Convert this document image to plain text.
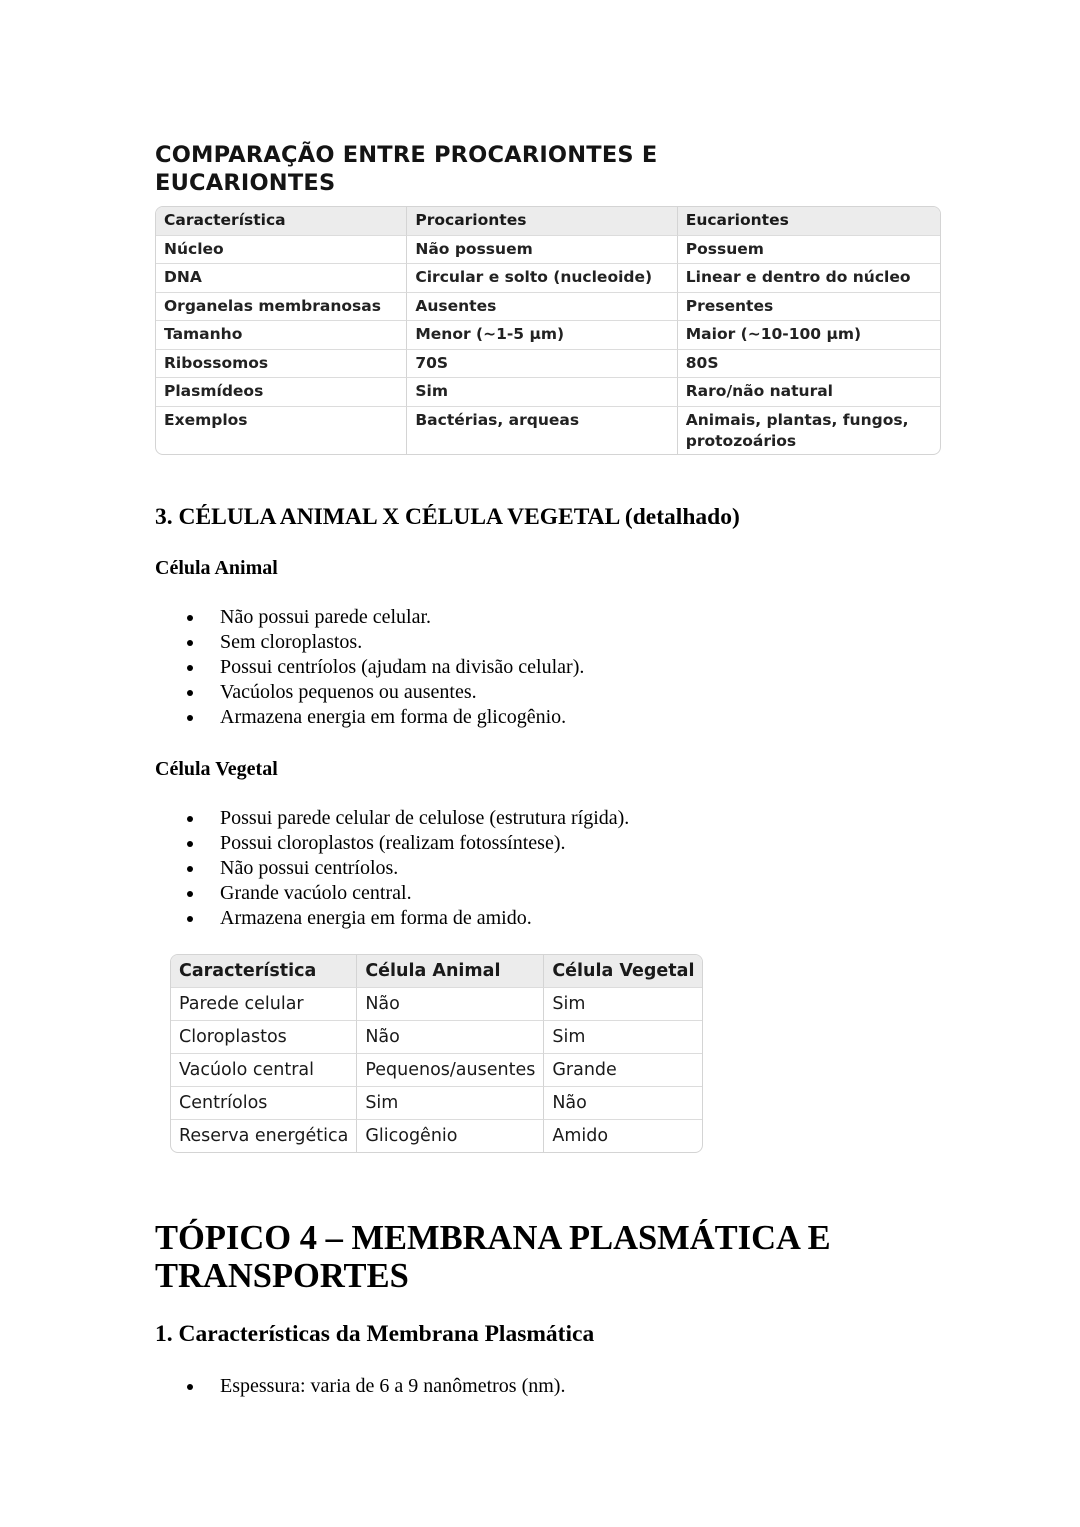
COMPARAÇÃO ENTRE PROCARIONTES E
EUCARIONTES
Característica	Procariontes	Eucariontes
Núcleo	Não possuem	Possuem
DNA	Circular e solto (nucleoide)	Linear e dentro do núcleo
Organelas membranosas	Ausentes	Presentes
Tamanho	Menor (~1-5 µm)	Maior (~10-100 µm)
Ribossomos	70S	80S
Plasmídeos	Sim	Raro/não natural
Exemplos	Bactérias, arqueas	Animais, plantas, fungos, protozoários
3. CÉLULA ANIMAL X CÉLULA VEGETAL (detalhado)
Célula Animal
Não possui parede celular.
Sem cloroplastos.
Possui centríolos (ajudam na divisão celular).
Vacúolos pequenos ou ausentes.
Armazena energia em forma de glicogênio.
Célula Vegetal
Possui parede celular de celulose (estrutura rígida).
Possui cloroplastos (realizam fotossíntese).
Não possui centríolos.
Grande vacúolo central.
Armazena energia em forma de amido.
Característica	Célula Animal	Célula Vegetal
Parede celular	Não	Sim
Cloroplastos	Não	Sim
Vacúolo central	Pequenos/ausentes	Grande
Centríolos	Sim	Não
Reserva energética	Glicogênio	Amido
TÓPICO 4 – MEMBRANA PLASMÁTICA E
TRANSPORTES
1. Características da Membrana Plasmática
Espessura: varia de 6 a 9 nanômetros (nm).
